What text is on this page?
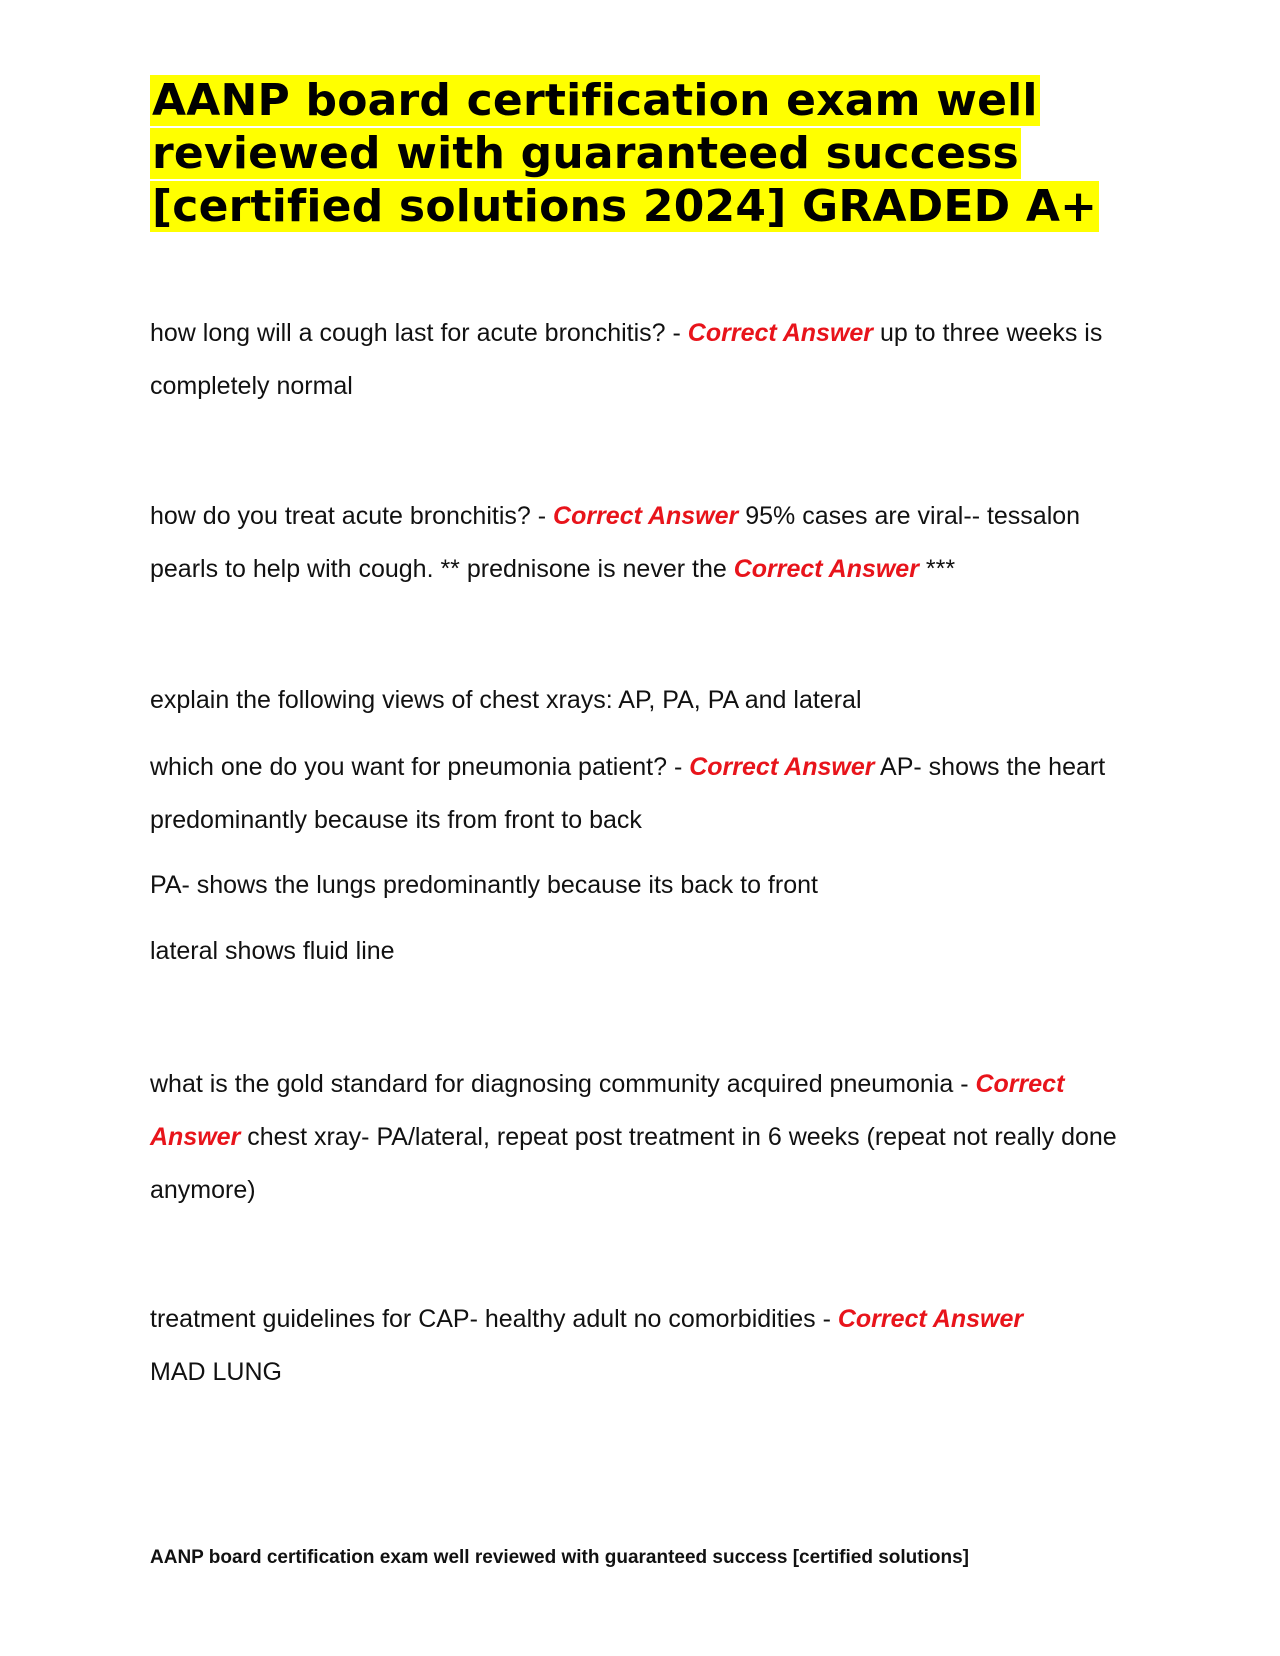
AANP board certification exam well reviewed with guaranteed success [certified solutions 2024] GRADED A+

how long will a cough last for acute bronchitis? - Correct Answer up to three weeks is completely normal

how do you treat acute bronchitis? - Correct Answer 95% cases are viral-- tessalon pearls to help with cough. ** prednisone is never the Correct Answer ***

explain the following views of chest xrays: AP, PA, PA and lateral

which one do you want for pneumonia patient? - Correct Answer AP- shows the heart predominantly because its from front to back

PA- shows the lungs predominantly because its back to front

lateral shows fluid line

what is the gold standard for diagnosing community acquired pneumonia - Correct Answer chest xray- PA/lateral, repeat post treatment in 6 weeks (repeat not really done anymore)

treatment guidelines for CAP- healthy adult no comorbidities - Correct Answer
MAD LUNG

AANP board certification exam well reviewed with guaranteed success [certified solutions]
